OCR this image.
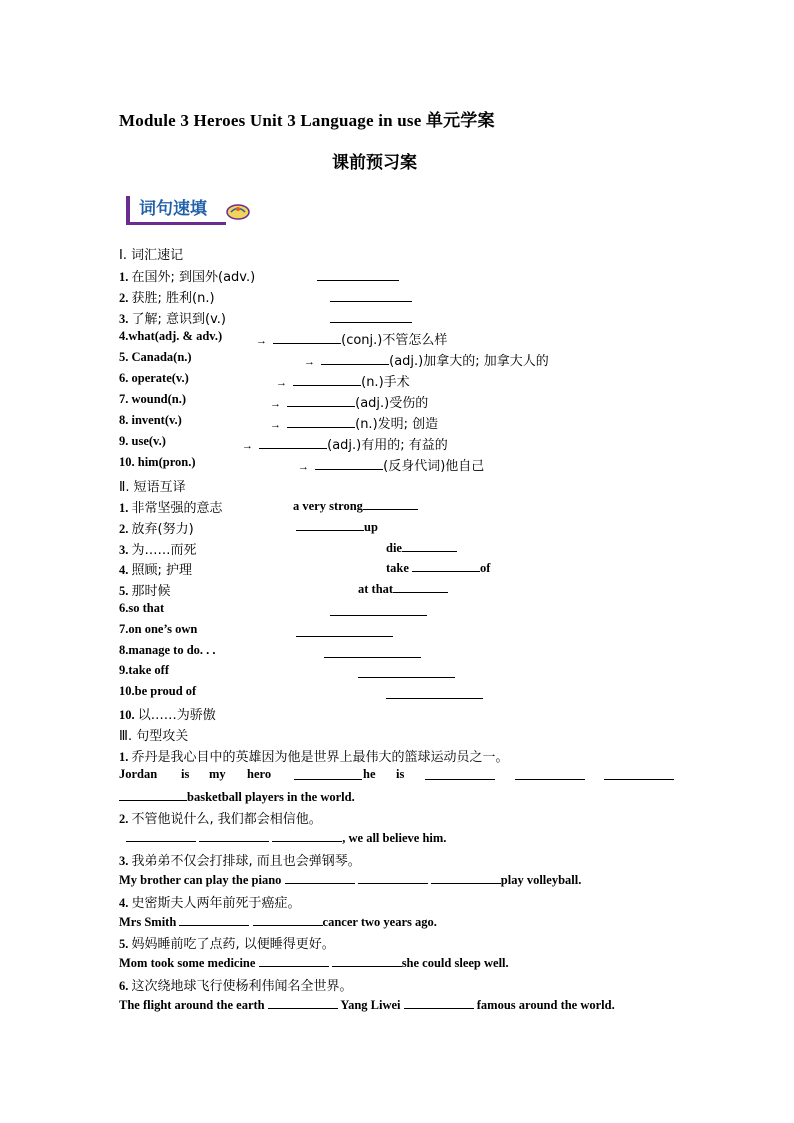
Module 3 Heroes Unit 3 Language in use 单元学案
课前预习案
词句速填
Ⅰ. 词汇速记
1. 在国外; 到国外(adv.)
2. 获胜; 胜利(n.)
3. 了解; 意识到(v.)
4.what(adj. & adv.)	→	(conj.)不管怎么样
5. Canada(n.)	→	(adj.)加拿大的; 加拿大人的
6. operate(v.)	→	(n.)手术
7. wound(n.)	→	(adj.)受伤的
8. invent(v.)	→	(n.)发明; 创造
9. use(v.)	→	(adj.)有用的; 有益的
10. him(pron.)	→	(反身代词)他自己
Ⅱ. 短语互译
1. 非常坚强的意志	a very strong
2. 放弃(努力)	up
3. 为……而死	die
4. 照顾; 护理	take	of
5. 那时候	at that
6.so that
7.on one’s own
8.manage to do. . .
9.take off
10.be proud of
10. 以……为骄傲
Ⅲ. 句型攻关
1. 乔丹是我心目中的英雄因为他是世界上最伟大的篮球运动员之一。
Jordan is my hero	he is
basketball players in the world.
2. 不管他说什么, 我们都会相信他。
, we all believe him.
3. 我弟弟不仅会打排球, 而且也会弹钢琴。
My brother can play the piano	play volleyball.
4. 史密斯夫人两年前死于癌症。
Mrs Smith	cancer two years ago.
5. 妈妈睡前吃了点药, 以便睡得更好。
Mom took some medicine	she could sleep well.
6. 这次绕地球飞行使杨利伟闻名全世界。
The flight around the earth	Yang Liwei	famous around the world.
